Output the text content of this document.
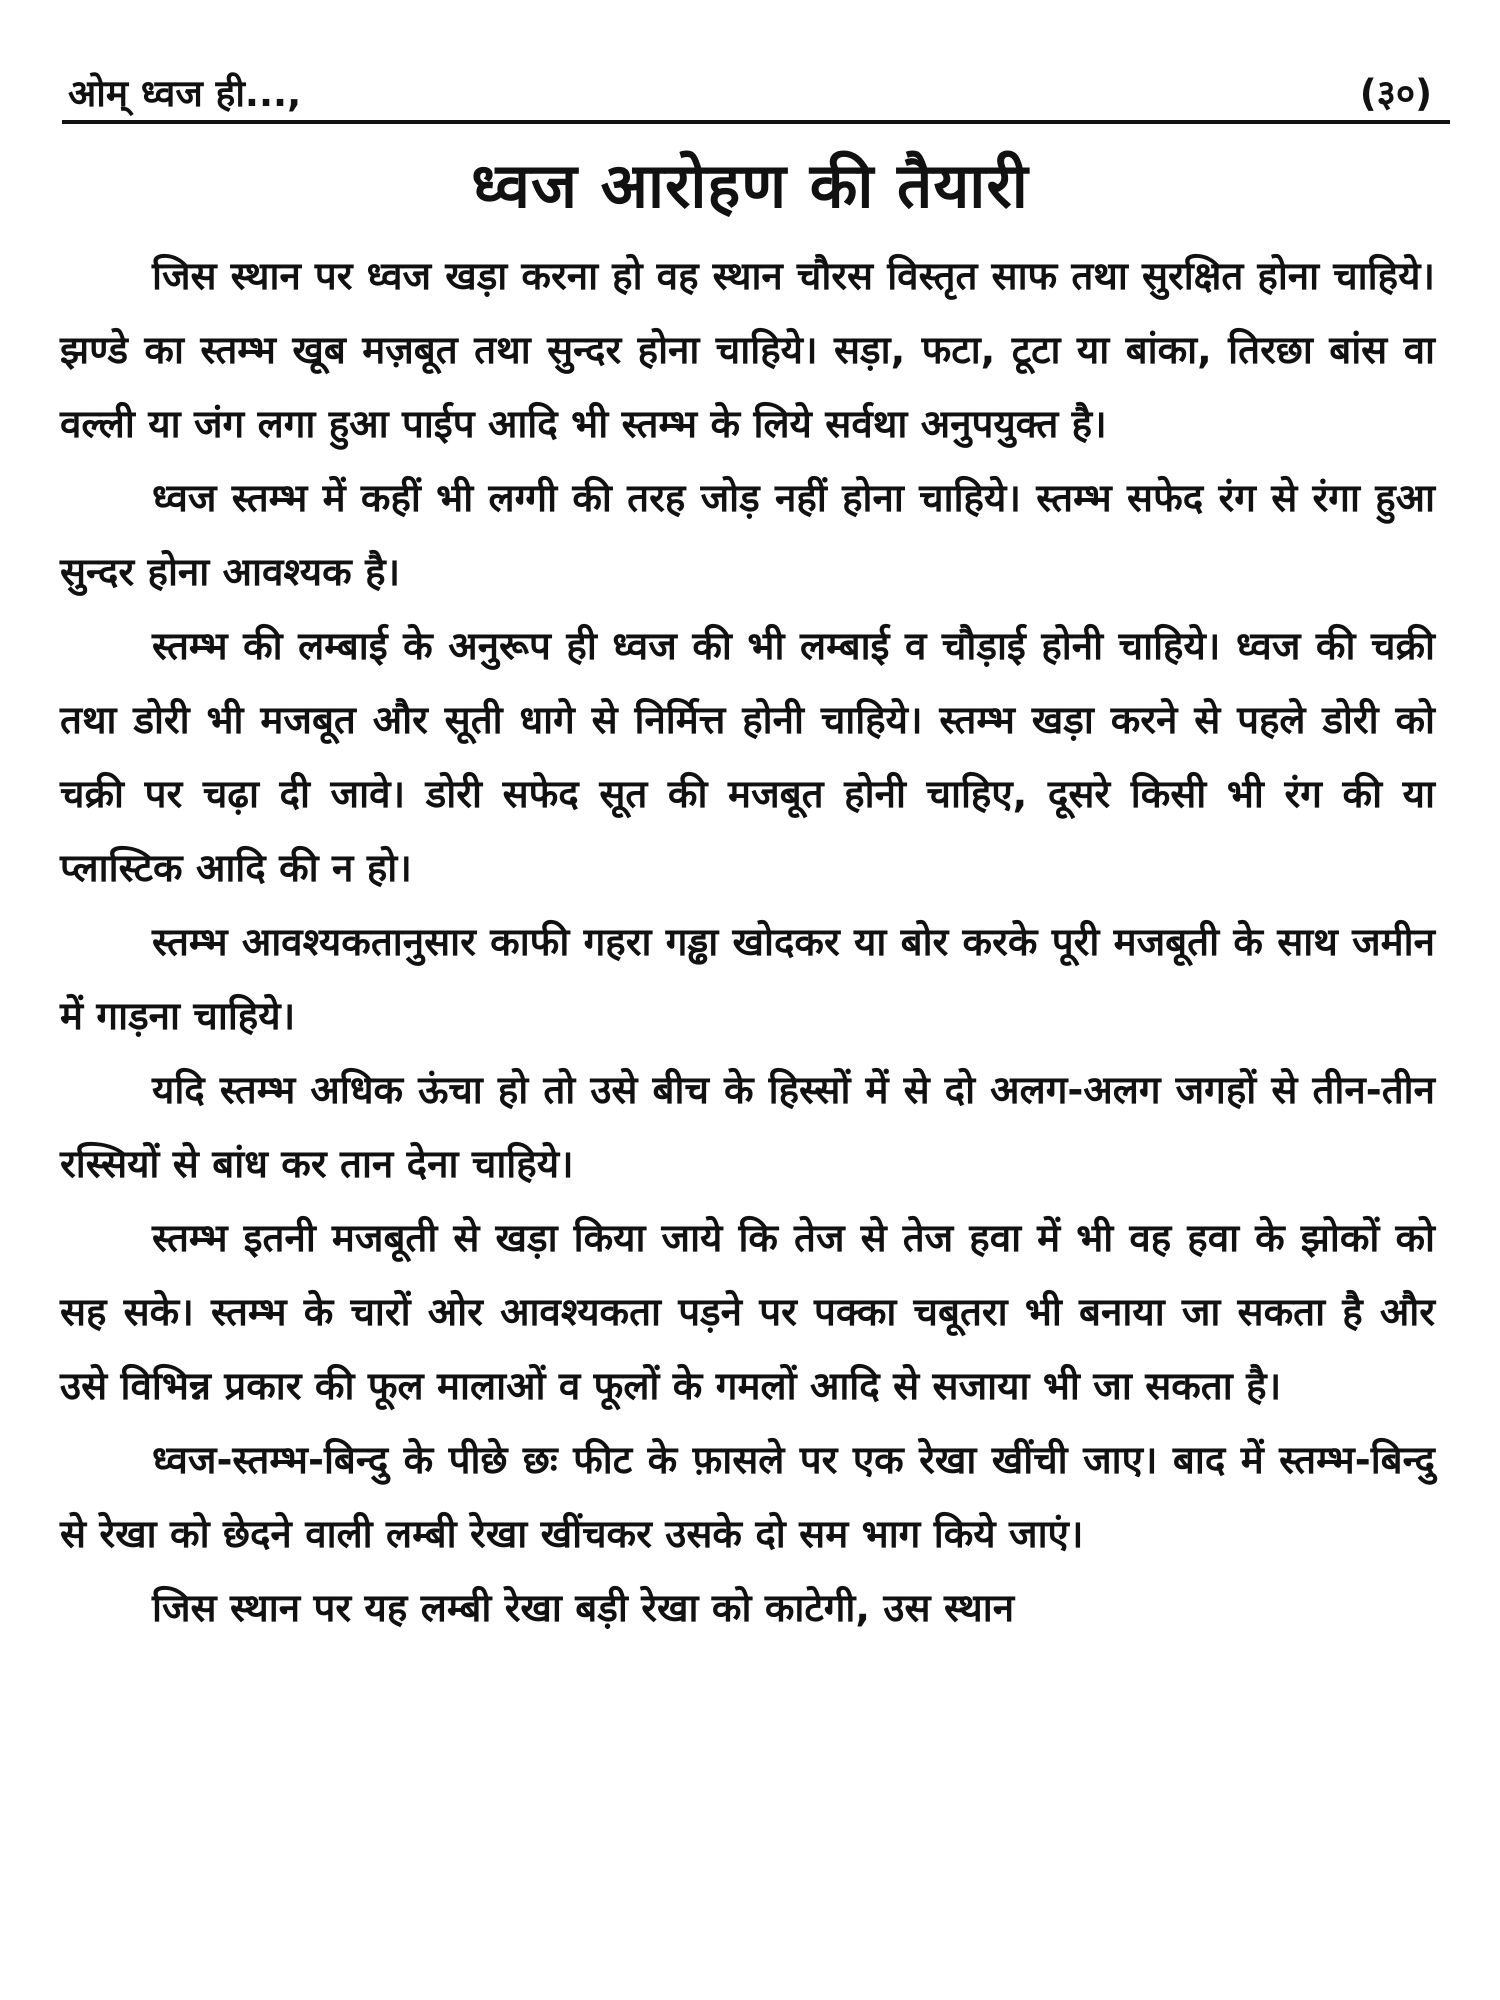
ओम् ध्वज ही...,	(३०)
ध्वज आरोहण की तैयारी

जिस स्थान पर ध्वज खड़ा करना हो वह स्थान चौरस विस्तृत साफ तथा सुरक्षित होना चाहिये। झण्डे का स्तम्भ खूब मज़बूत तथा सुन्दर होना चाहिये। सड़ा, फटा, टूटा या बांका, तिरछा बांस वा वल्ली या जंग लगा हुआ पाईप आदि भी स्तम्भ के लिये सर्वथा अनुपयुक्त है।

ध्वज स्तम्भ में कहीं भी लग्गी की तरह जोड़ नहीं होना चाहिये। स्तम्भ सफेद रंग से रंगा हुआ सुन्दर होना आवश्यक है।

स्तम्भ की लम्बाई के अनुरूप ही ध्वज की भी लम्बाई व चौड़ाई होनी चाहिये। ध्वज की चक्री तथा डोरी भी मजबूत और सूती धागे से निर्मित्त होनी चाहिये। स्तम्भ खड़ा करने से पहले डोरी को चक्री पर चढ़ा दी जावे। डोरी सफेद सूत की मजबूत होनी चाहिए, दूसरे किसी भी रंग की या प्लास्टिक आदि की न हो।

स्तम्भ आवश्यकतानुसार काफी गहरा गड्ढा खोदकर या बोर करके पूरी मजबूती के साथ जमीन में गाड़ना चाहिये।

यदि स्तम्भ अधिक ऊंचा हो तो उसे बीच के हिस्सों में से दो अलग-अलग जगहों से तीन-तीन रस्सियों से बांध कर तान देना चाहिये।

स्तम्भ इतनी मजबूती से खड़ा किया जाये कि तेज से तेज हवा में भी वह हवा के झोकों को सह सके। स्तम्भ के चारों ओर आवश्यकता पड़ने पर पक्का चबूतरा भी बनाया जा सकता है और उसे विभिन्न प्रकार की फूल मालाओं व फूलों के गमलों आदि से सजाया भी जा सकता है।

ध्वज-स्तम्भ-बिन्दु के पीछे छः फीट के फ़ासले पर एक रेखा खींची जाए। बाद में स्तम्भ-बिन्दु से रेखा को छेदने वाली लम्बी रेखा खींचकर उसके दो सम भाग किये जाएं।

जिस स्थान पर यह लम्बी रेखा बड़ी रेखा को काटेगी, उस स्थान
